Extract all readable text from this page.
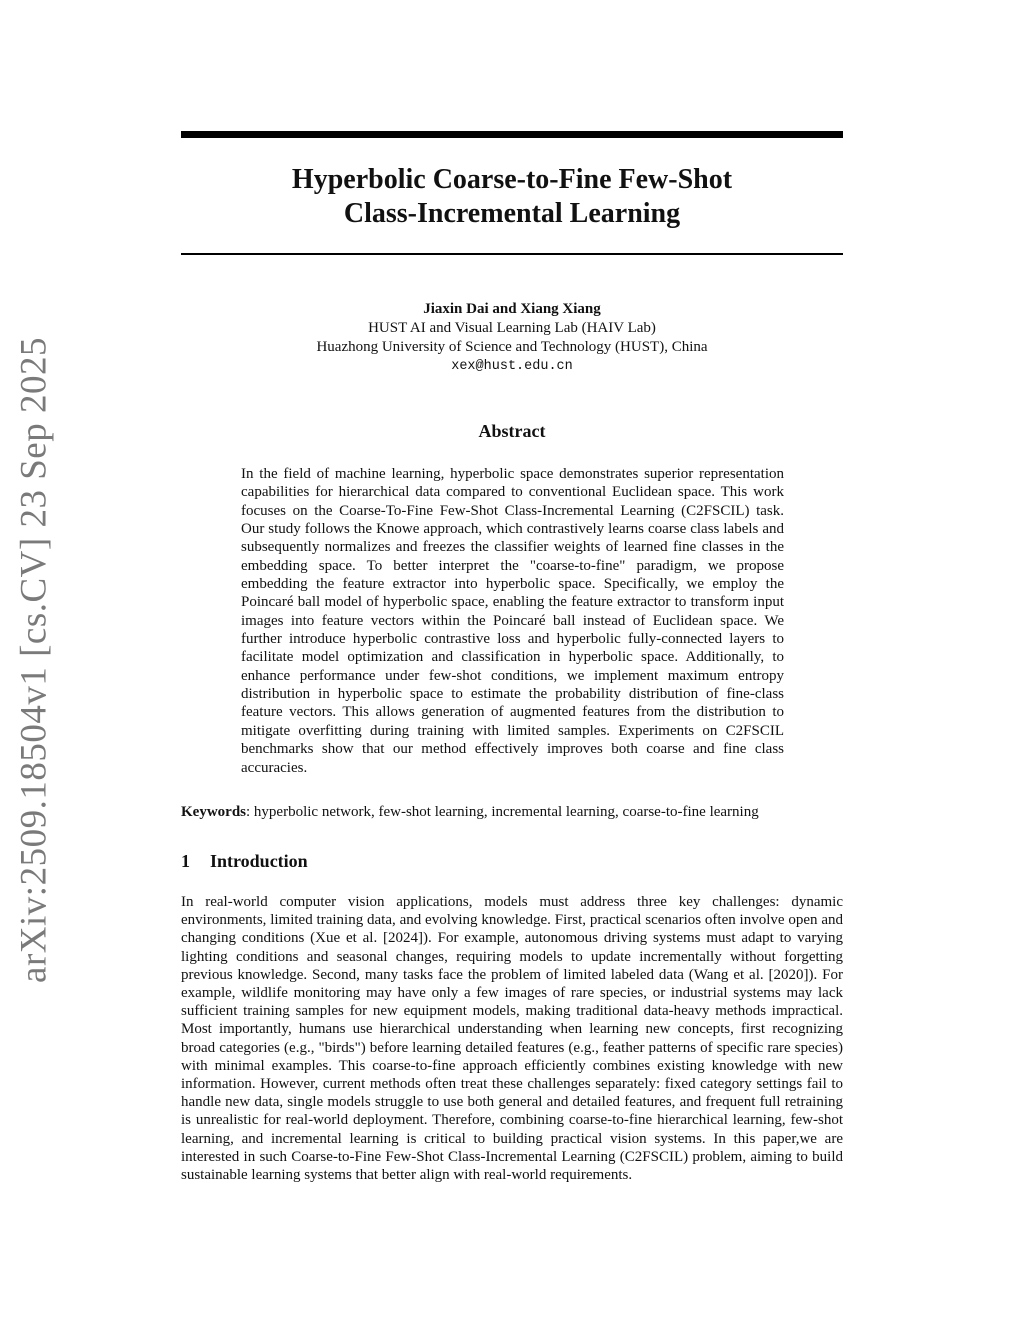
arXiv:2509.18504v1 [cs.CV] 23 Sep 2025
Hyperbolic Coarse-to-Fine Few-Shot
Class-Incremental Learning
Jiaxin Dai and Xiang Xiang
HUST AI and Visual Learning Lab (HAIV Lab)
Huazhong University of Science and Technology (HUST), China
xex@hust.edu.cn
Abstract

In the field of machine learning, hyperbolic space demonstrates superior representation capabilities for hierarchical data compared to conventional Euclidean space. This work focuses on the Coarse-To-Fine Few-Shot Class-Incremental Learning (C2FSCIL) task. Our study follows the Knowe approach, which contrastively learns coarse class labels and subsequently normalizes and freezes the classifier weights of learned fine classes in the embedding space. To better interpret the "coarse-to-fine" paradigm, we propose embedding the feature extractor into hyperbolic space. Specifically, we employ the Poincaré ball model of hyperbolic space, enabling the feature extractor to transform input images into feature vectors within the Poincaré ball instead of Euclidean space. We further introduce hyperbolic contrastive loss and hyperbolic fully-connected layers to facilitate model optimization and classification in hyperbolic space. Additionally, to enhance performance under few-shot conditions, we implement maximum entropy distribution in hyperbolic space to estimate the probability distribution of fine-class feature vectors. This allows generation of augmented features from the distribution to mitigate overfitting during training with limited samples. Experiments on C2FSCIL benchmarks show that our method effectively improves both coarse and fine class accuracies.

Keywords: hyperbolic network, few-shot learning, incremental learning, coarse-to-fine learning

1 Introduction

In real-world computer vision applications, models must address three key challenges: dynamic environments, limited training data, and evolving knowledge. First, practical scenarios often involve open and changing conditions (Xue et al. [2024]). For example, autonomous driving systems must adapt to varying lighting conditions and seasonal changes, requiring models to update incrementally without forgetting previous knowledge. Second, many tasks face the problem of limited labeled data (Wang et al. [2020]). For example, wildlife monitoring may have only a few images of rare species, or industrial systems may lack sufficient training samples for new equipment models, making traditional data-heavy methods impractical. Most importantly, humans use hierarchical understanding when learning new concepts, first recognizing broad categories (e.g., "birds") before learning detailed features (e.g., feather patterns of specific rare species) with minimal examples. This coarse-to-fine approach efficiently combines existing knowledge with new information. However, current methods often treat these challenges separately: fixed category settings fail to handle new data, single models struggle to use both general and detailed features, and frequent full retraining is unrealistic for real-world deployment. Therefore, combining coarse-to-fine hierarchical learning, few-shot learning, and incremental learning is critical to building practical vision systems. In this paper,we are interested in such Coarse-to-Fine Few-Shot Class-Incremental Learning (C2FSCIL) problem, aiming to build sustainable learning systems that better align with real-world requirements.
